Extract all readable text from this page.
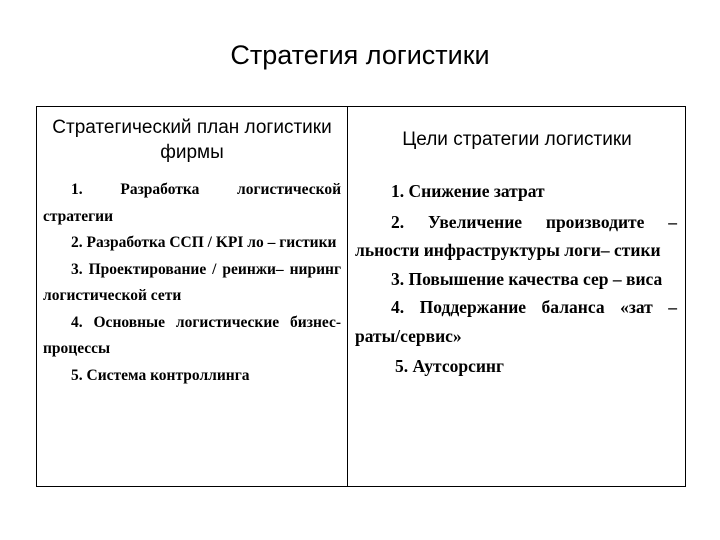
Стратегия логистики
Стратегический план логистики фирмы
Цели стратегии логистики
1. Разработка логистической стратегии
2. Разработка ССП / KPI ло – гистики
3. Проектирование / реинжи– ниринг логистической сети
4. Основные логистические бизнес-процессы
5. Система контроллинга
1. Снижение затрат
2. Увеличение производите – льности инфраструктуры логи– стики
3. Повышение качества сер – виса
4. Поддержание баланса «зат – раты/сервис»
5. Аутсорсинг
